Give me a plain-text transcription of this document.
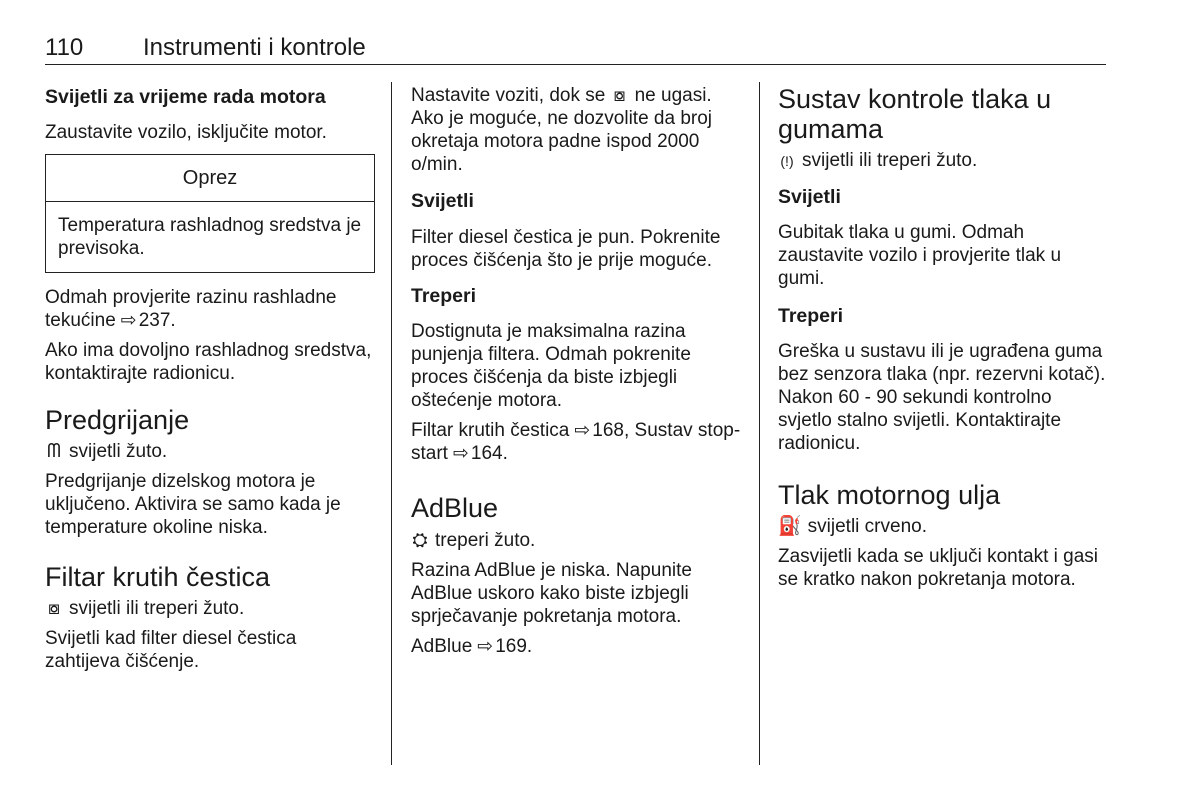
110 Instrumenti i kontrole

Svijetli za vrijeme rada motora

Zaustavite vozilo, isključite motor.

Oprez
Temperatura rashladnog sredstva je previsoka.

Odmah provjerite razinu rashladne tekućine ⇨ 237.

Ako ima dovoljno rashladnog sredstva, kontaktirajte radionicu.

Predgrijanje

ᗰ svijetli žuto.

Predgrijanje dizelskog motora je uključeno. Aktivira se samo kada je temperature okoline niska.

Filtar krutih čestica

⧇ svijetli ili treperi žuto.

Svijetli kad filter diesel čestica zahtijeva čišćenje.

Nastavite voziti, dok se ⧇ ne ugasi. Ako je moguće, ne dozvolite da broj okretaja motora padne ispod 2000 o/min.

Svijetli

Filter diesel čestica je pun. Pokrenite proces čišćenja što je prije moguće.

Treperi

Dostignuta je maksimalna razina punjenja filtera. Odmah pokrenite proces čišćenja da biste izbjegli oštećenje motora.

Filtar krutih čestica ⇨ 168, Sustav stop-start ⇨ 164.

AdBlue

⛭ treperi žuto.

Razina AdBlue je niska. Napunite AdBlue uskoro kako biste izbjegli sprječavanje pokretanja motora.

AdBlue ⇨ 169.

Sustav kontrole tlaka u gumama

(!) svijetli ili treperi žuto.

Svijetli

Gubitak tlaka u gumi. Odmah zaustavite vozilo i provjerite tlak u gumi.

Treperi

Greška u sustavu ili je ugrađena guma bez senzora tlaka (npr. rezervni kotač). Nakon 60 - 90 sekundi kontrolno svjetlo stalno svijetli. Kontaktirajte radionicu.

Tlak motornog ulja

⛽ svijetli crveno.

Zasvijetli kada se uključi kontakt i gasi se kratko nakon pokretanja motora.
